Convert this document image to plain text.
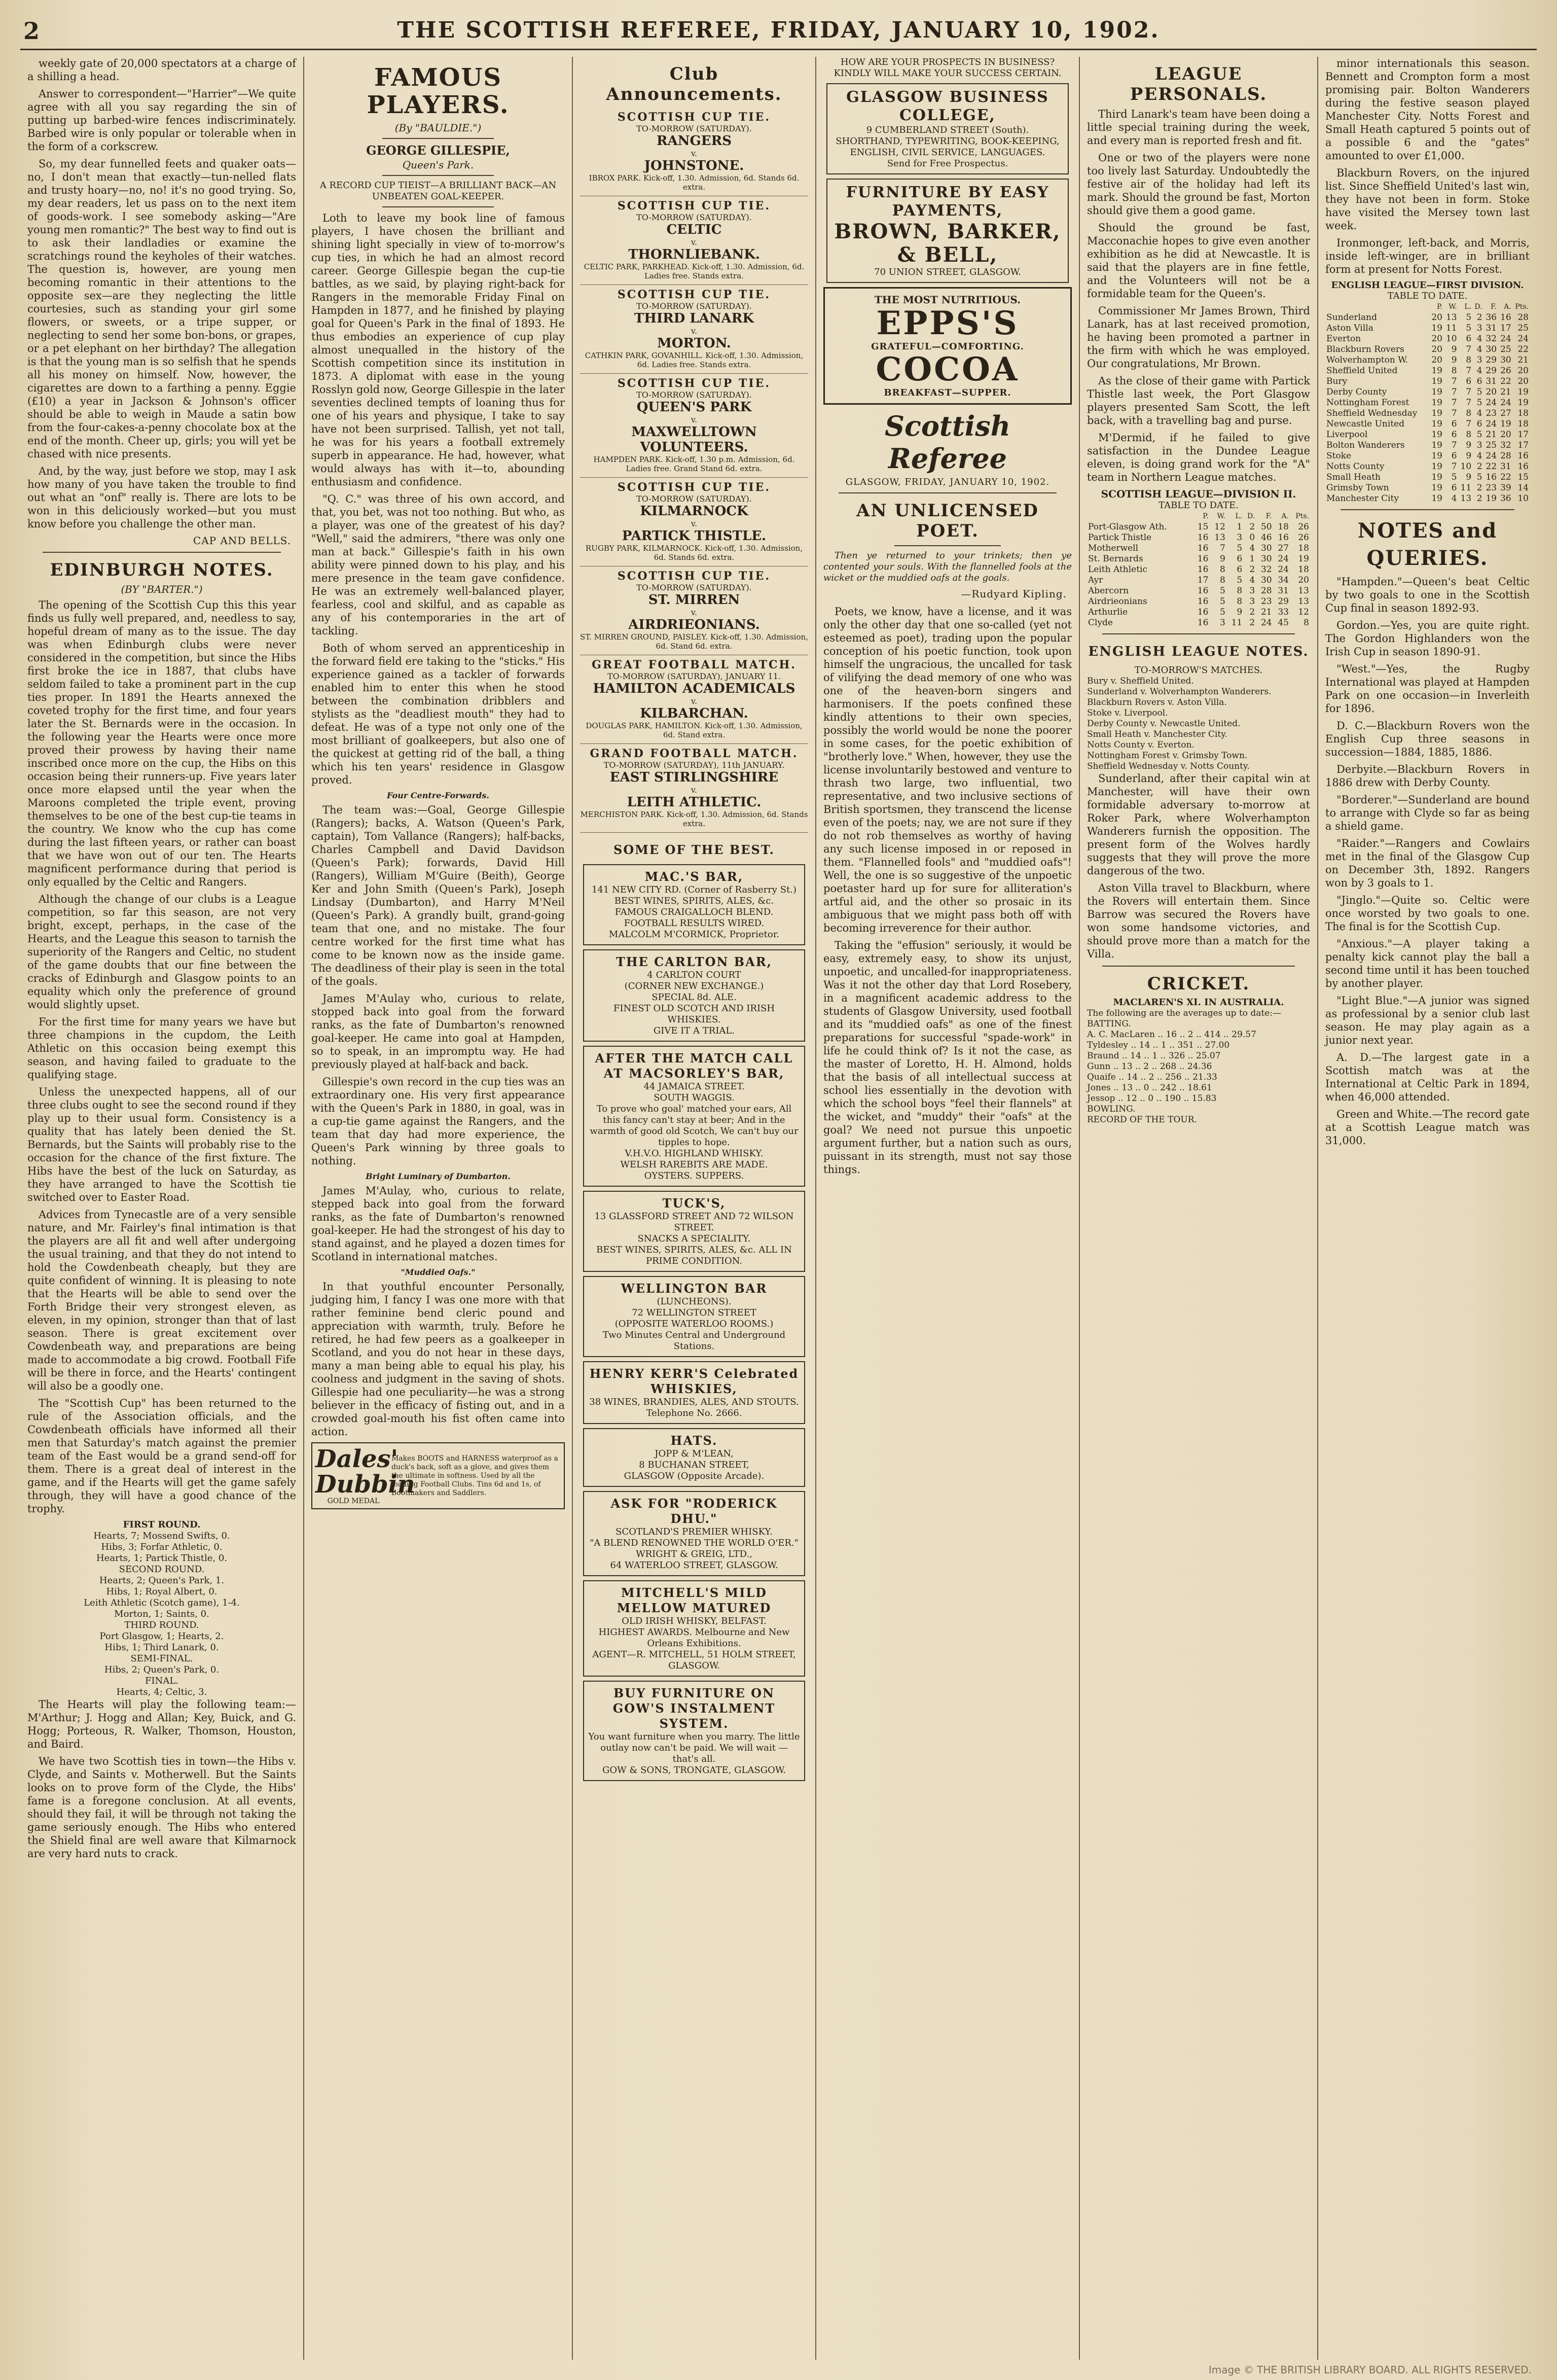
2	THE SCOTTISH REFEREE, FRIDAY, JANUARY 10, 1902.

weekly gate of 20,000 spectators at a charge of a shilling a head.

Answer to correspondent—"Harrier"—We quite agree with all you say regarding the sin of putting up barbed-wire fences indiscriminately. Barbed wire is only popular or tolerable when in the form of a corkscrew.

So, my dear funnelled feets and quaker oats—no, I don't mean that exactly—tun-nelled flats and trusty hoary—no, no! it's no good trying. So, my dear readers, let us pass on to the next item of goods-work. I see somebody asking—"Are young men romantic?" The best way to find out is to ask their landladies or examine the scratchings round the keyholes of their watches. The question is, however, are young men becoming romantic in their attentions to the opposite sex—are they neglecting the little courtesies, such as standing your girl some flowers, or sweets, or a tripe supper, or neglecting to send her some bon-bons, or grapes, or a pet elephant on her birthday? The allegation is that the young man is so selfish that he spends all his money on himself. Now, however, the cigarettes are down to a farthing a penny. Eggie (£10) a year in Jackson & Johnson's officer should be able to weigh in Maude a satin bow from the four-cakes-a-penny chocolate box at the end of the month. Cheer up, girls; you will yet be chased with nice presents.

And, by the way, just before we stop, may I ask how many of you have taken the trouble to find out what an "onf" really is. There are lots to be won in this deliciously worked—but you must know before you challenge the other man.

CAP AND BELLS.
EDINBURGH NOTES.
(BY "BARTER.")

The opening of the Scottish Cup this this year finds us fully well prepared, and, needless to say, hopeful dream of many as to the issue. The day was when Edinburgh clubs were never considered in the competition, but since the Hibs first broke the ice in 1887, that clubs have seldom failed to take a prominent part in the cup ties proper. In 1891 the Hearts annexed the coveted trophy for the first time, and four years later the St. Bernards were in the occasion. In the following year the Hearts were once more proved their prowess by having their name inscribed once more on the cup, the Hibs on this occasion being their runners-up. Five years later once more elapsed until the year when the Maroons completed the triple event, proving themselves to be one of the best cup-tie teams in the country. We know who the cup has come during the last fifteen years, or rather can boast that we have won out of our ten. The Hearts magnificent performance during that period is only equalled by the Celtic and Rangers.

Although the change of our clubs is a League competition, so far this season, are not very bright, except, perhaps, in the case of the Hearts, and the League this season to tarnish the superiority of the Rangers and Celtic, no student of the game doubts that our fine between the cracks of Edinburgh and Glasgow points to an equality which only the preference of ground would slightly upset.

For the first time for many years we have but three champions in the cupdom, the Leith Athletic on this occasion being exempt this season, and having failed to graduate to the qualifying stage.

Unless the unexpected happens, all of our three clubs ought to see the second round if they play up to their usual form. Consistency is a quality that has lately been denied the St. Bernards, but the Saints will probably rise to the occasion for the chance of the first fixture. The Hibs have the best of the luck on Saturday, as they have arranged to have the Scottish tie switched over to Easter Road.

Advices from Tynecastle are of a very sensible nature, and Mr. Fairley's final intimation is that the players are all fit and well after undergoing the usual training, and that they do not intend to hold the Cowdenbeath cheaply, but they are quite confident of winning. It is pleasing to note that the Hearts will be able to send over the Forth Bridge their very strongest eleven, as eleven, in my opinion, stronger than that of last season. There is great excitement over Cowdenbeath way, and preparations are being made to accommodate a big crowd. Football Fife will be there in force, and the Hearts' contingent will also be a goodly one.

The "Scottish Cup" has been returned to the rule of the Association officials, and the Cowdenbeath officials have informed all their men that Saturday's match against the premier team of the East would be a grand send-off for them. There is a great deal of interest in the game, and if the Hearts will get the game safely through, they will have a good chance of the trophy.

FIRST ROUND.

Hearts, 7; Mossend Swifts, 0.

Hibs, 3; Forfar Athletic, 0.

Hearts, 1; Partick Thistle, 0.

SECOND ROUND.

Hearts, 2; Queen's Park, 1.

Hibs, 1; Royal Albert, 0.

Leith Athletic (Scotch game), 1-4.

Morton, 1; Saints, 0.

THIRD ROUND.

Port Glasgow, 1; Hearts, 2.

Hibs, 1; Third Lanark, 0.

SEMI-FINAL.

Hibs, 2; Queen's Park, 0.

FINAL.

Hearts, 4; Celtic, 3.

The Hearts will play the following team:—M'Arthur; J. Hogg and Allan; Key, Buick, and G. Hogg; Porteous, R. Walker, Thomson, Houston, and Baird.

We have two Scottish ties in town—the Hibs v. Clyde, and Saints v. Motherwell. But the Saints looks on to prove form of the Clyde, the Hibs' fame is a foregone conclusion. At all events, should they fail, it will be through not taking the game seriously enough. The Hibs who entered the Shield final are well aware that Kilmarnock are very hard nuts to crack.

FAMOUS PLAYERS.
(By "BAULDIE.")
GEORGE GILLESPIE,
Queen's Park.
A RECORD CUP TIEIST—A BRILLIANT BACK—AN UNBEATEN GOAL-KEEPER.

Loth to leave my book line of famous players, I have chosen the brilliant and shining light specially in view of to-morrow's cup ties, in which he had an almost record career. George Gillespie began the cup-tie battles, as we said, by playing right-back for Rangers in the memorable Friday Final on Hampden in 1877, and he finished by playing goal for Queen's Park in the final of 1893. He thus embodies an experience of cup play almost unequalled in the history of the Scottish competition since its institution in 1873. A diplomat with ease in the young Rosslyn gold now, George Gillespie in the later seventies declined tempts of loaning thus for one of his years and physique, I take to say have not been surprised. Tallish, yet not tall, he was for his years a football extremely superb in appearance. He had, however, what would always has with it—to, abounding enthusiasm and confidence.

"Q. C." was three of his own accord, and that, you bet, was not too nothing. But who, as a player, was one of the greatest of his day? "Well," said the admirers, "there was only one man at back." Gillespie's faith in his own ability were pinned down to his play, and his mere presence in the team gave confidence. He was an extremely well-balanced player, fearless, cool and skilful, and as capable as any of his contemporaries in the art of tackling.

Both of whom served an apprenticeship in the forward field ere taking to the "sticks." His experience gained as a tackler of forwards enabled him to enter this when he stood between the combination dribblers and stylists as the "deadliest mouth" they had to defeat. He was of a type not only one of the most brilliant of goalkeepers, but also one of the quickest at getting rid of the ball, a thing which his ten years' residence in Glasgow proved.

Four Centre-Forwards.

The team was:—Goal, George Gillespie (Rangers); backs, A. Watson (Queen's Park, captain), Tom Vallance (Rangers); half-backs, Charles Campbell and David Davidson (Queen's Park); forwards, David Hill (Rangers), William M'Guire (Beith), George Ker and John Smith (Queen's Park), Joseph Lindsay (Dumbarton), and Harry M'Neil (Queen's Park). A grandly built, grand-going team that one, and no mistake. The four centre worked for the first time what has come to be known now as the inside game. The deadliness of their play is seen in the total of the goals.

James M'Aulay who, curious to relate, stopped back into goal from the forward ranks, as the fate of Dumbarton's renowned goal-keeper. He came into goal at Hampden, so to speak, in an impromptu way. He had previously played at half-back and back.

Gillespie's own record in the cup ties was an extraordinary one. His very first appearance with the Queen's Park in 1880, in goal, was in a cup-tie game against the Rangers, and the team that day had more experience, the Queen's Park winning by three goals to nothing.

Bright Luminary of Dumbarton.

James M'Aulay, who, curious to relate, stepped back into goal from the forward ranks, as the fate of Dumbarton's renowned goal-keeper. He had the strongest of his day to stand against, and he played a dozen times for Scotland in international matches.

"Muddied Oafs."

In that youthful encounter Personally, judging him, I fancy I was one more with that rather feminine bend cleric pound and appreciation with warmth, truly. Before he retired, he had few peers as a goalkeeper in Scotland, and you do not hear in these days, many a man being able to equal his play, his coolness and judgment in the saving of shots. Gillespie had one peculiarity—he was a strong believer in the efficacy of fisting out, and in a crowded goal-mouth his fist often came into action.

Dales' Dubbin
GOLD MEDAL
Makes BOOTS and HARNESS waterproof as a duck's back, soft as a glove, and gives them the ultimate in softness. Used by all the leading Football Clubs. Tins 6d and 1s, of Bootmakers and Saddlers.
Club Announcements.
SCOTTISH CUP TIE.
TO-MORROW (SATURDAY).
RANGERS
v.
JOHNSTONE.
IBROX PARK. Kick-off, 1.30. Admission, 6d. Stands 6d. extra.
SCOTTISH CUP TIE.
TO-MORROW (SATURDAY).
CELTIC
v.
THORNLIEBANK.
CELTIC PARK, PARKHEAD. Kick-off, 1.30. Admission, 6d. Ladies free. Stands extra.
SCOTTISH CUP TIE.
TO-MORROW (SATURDAY).
THIRD LANARK
v.
MORTON.
CATHKIN PARK, GOVANHILL. Kick-off, 1.30. Admission, 6d. Ladies free. Stands extra.
SCOTTISH CUP TIE.
TO-MORROW (SATURDAY).
QUEEN'S PARK
v.
MAXWELLTOWN VOLUNTEERS.
HAMPDEN PARK. Kick-off, 1.30 p.m. Admission, 6d. Ladies free. Grand Stand 6d. extra.
SCOTTISH CUP TIE.
TO-MORROW (SATURDAY).
KILMARNOCK
v.
PARTICK THISTLE.
RUGBY PARK, KILMARNOCK. Kick-off, 1.30. Admission, 6d. Stands 6d. extra.
SCOTTISH CUP TIE.
TO-MORROW (SATURDAY).
ST. MIRREN
v.
AIRDRIEONIANS.
ST. MIRREN GROUND, PAISLEY. Kick-off, 1.30. Admission, 6d. Stand 6d. extra.
GREAT FOOTBALL MATCH.
TO-MORROW (SATURDAY), JANUARY 11.
HAMILTON ACADEMICALS
v.
KILBARCHAN.
DOUGLAS PARK, HAMILTON. Kick-off, 1.30. Admission, 6d. Stand extra.
GRAND FOOTBALL MATCH.
TO-MORROW (SATURDAY), 11th JANUARY.
EAST STIRLINGSHIRE
v.
LEITH ATHLETIC.
MERCHISTON PARK. Kick-off, 1.30. Admission, 6d. Stands extra.
SOME OF THE BEST.
MAC.'S BAR,
141 NEW CITY RD. (Corner of Rasberry St.)
BEST WINES, SPIRITS, ALES, &c.
FAMOUS CRAIGALLOCH BLEND.
FOOTBALL RESULTS WIRED.
MALCOLM M'CORMICK, Proprietor.
THE CARLTON BAR,
4 CARLTON COURT
(CORNER NEW EXCHANGE.)
SPECIAL 8d. ALE.
FINEST OLD SCOTCH AND IRISH WHISKIES.
GIVE IT A TRIAL.
AFTER THE MATCH CALL AT MACSORLEY'S BAR,
44 JAMAICA STREET.
SOUTH WAGGIS.
To prove who goal' matched your ears, All this fancy can't stay at beer; And in the warmth of good old Scotch, We can't buy our tipples to hope.
V.H.V.O. HIGHLAND WHISKY.
WELSH RAREBITS ARE MADE.
OYSTERS. SUPPERS.
TUCK'S,
13 GLASSFORD STREET AND 72 WILSON STREET.
SNACKS A SPECIALITY.
BEST WINES, SPIRITS, ALES, &c. ALL IN PRIME CONDITION.
WELLINGTON BAR
(LUNCHEONS).
72 WELLINGTON STREET
(OPPOSITE WATERLOO ROOMS.)
Two Minutes Central and Underground Stations.
HENRY KERR'S Celebrated WHISKIES,
38 WINES, BRANDIES, ALES, AND STOUTS.
Telephone No. 2666.
HATS.
JOPP & M'LEAN,
8 BUCHANAN STREET,
GLASGOW (Opposite Arcade).
ASK FOR "RODERICK DHU."
SCOTLAND'S PREMIER WHISKY.
"A BLEND RENOWNED THE WORLD O'ER."
WRIGHT & GREIG, LTD.,
64 WATERLOO STREET, GLASGOW.
MITCHELL'S MILD MELLOW MATURED
OLD IRISH WHISKY, BELFAST.
HIGHEST AWARDS. Melbourne and New Orleans Exhibitions.
AGENT—R. MITCHELL, 51 HOLM STREET, GLASGOW.
BUY FURNITURE ON GOW'S INSTALMENT SYSTEM.
You want furniture when you marry. The little outlay now can't be paid. We will wait — that's all.
GOW & SONS, TRONGATE, GLASGOW.
HOW ARE YOUR PROSPECTS IN BUSINESS?
KINDLY WILL MAKE YOUR SUCCESS CERTAIN.
GLASGOW BUSINESS COLLEGE,
9 CUMBERLAND STREET (South).
SHORTHAND, TYPEWRITING, BOOK-KEEPING, ENGLISH, CIVIL SERVICE, LANGUAGES.
Send for Free Prospectus.
FURNITURE BY EASY PAYMENTS,
BROWN, BARKER, & BELL,
70 UNION STREET, GLASGOW.
THE MOST NUTRITIOUS.
EPPS'S
GRATEFUL—COMFORTING.
COCOA
BREAKFAST—SUPPER.
Scottish Referee
GLASGOW, FRIDAY, JANUARY 10, 1902.
AN UNLICENSED POET.

Then ye returned to your trinkets; then ye contented your souls. With the flannelled fools at the wicket or the muddied oafs at the goals.

—Rudyard Kipling.

Poets, we know, have a license, and it was only the other day that one so-called (yet not esteemed as poet), trading upon the popular conception of his poetic function, took upon himself the ungracious, the uncalled for task of vilifying the dead memory of one who was one of the heaven-born singers and harmonisers. If the poets confined these kindly attentions to their own species, possibly the world would be none the poorer in some cases, for the poetic exhibition of "brotherly love." When, however, they use the license involuntarily bestowed and venture to thrash two large, two influential, two representative, and two inclusive sections of British sportsmen, they transcend the license even of the poets; nay, we are not sure if they do not rob themselves as worthy of having any such license imposed in or reposed in them. "Flannelled fools" and "muddied oafs"! Well, the one is so suggestive of the unpoetic poetaster hard up for sure for alliteration's artful aid, and the other so prosaic in its ambiguous that we might pass both off with becoming irreverence for their author.

Taking the "effusion" seriously, it would be easy, extremely easy, to show its unjust, unpoetic, and uncalled-for inappropriateness. Was it not the other day that Lord Rosebery, in a magnificent academic address to the students of Glasgow University, used football and its "muddied oafs" as one of the finest preparations for successful "spade-work" in life he could think of? Is it not the case, as the master of Loretto, H. H. Almond, holds that the basis of all intellectual success at school lies essentially in the devotion with which the school boys "feel their flannels" at the wicket, and "muddy" their "oafs" at the goal? We need not pursue this unpoetic argument further, but a nation such as ours, puissant in its strength, must not say those things.

LEAGUE PERSONALS.

Third Lanark's team have been doing a little special training during the week, and every man is reported fresh and fit.

One or two of the players were none too lively last Saturday. Undoubtedly the festive air of the holiday had left its mark. Should the ground be fast, Morton should give them a good game.

Should the ground be fast, Macconachie hopes to give even another exhibition as he did at Newcastle. It is said that the players are in fine fettle, and the Volunteers will not be a formidable team for the Queen's.

Commissioner Mr James Brown, Third Lanark, has at last received promotion, he having been promoted a partner in the firm with which he was employed. Our congratulations, Mr Brown.

As the close of their game with Partick Thistle last week, the Port Glasgow players presented Sam Scott, the left back, with a travelling bag and purse.

M'Dermid, if he failed to give satisfaction in the Dundee League eleven, is doing grand work for the "A" team in Northern League matches.

SCOTTISH LEAGUE—DIVISION II.
TABLE TO DATE.
	P.	W.	L.	D.	F.	A.	Pts.
Port-Glasgow Ath.	15	12	1	2	50	18	26
Partick Thistle	16	13	3	0	46	16	26
Motherwell	16	7	5	4	30	27	18
St. Bernards	16	9	6	1	30	24	19
Leith Athletic	16	8	6	2	32	24	18
Ayr	17	8	5	4	30	34	20
Abercorn	16	5	8	3	28	31	13
Airdrieonians	16	5	8	3	23	29	13
Arthurlie	16	5	9	2	21	33	12
Clyde	16	3	11	2	24	45	8
ENGLISH LEAGUE NOTES.
TO-MORROW'S MATCHES.

Bury v. Sheffield United.

Sunderland v. Wolverhampton Wanderers.

Blackburn Rovers v. Aston Villa.

Stoke v. Liverpool.

Derby County v. Newcastle United.

Small Heath v. Manchester City.

Notts County v. Everton.

Nottingham Forest v. Grimsby Town.

Sheffield Wednesday v. Notts County.

Sunderland, after their capital win at Manchester, will have their own formidable adversary to-morrow at Roker Park, where Wolverhampton Wanderers furnish the opposition. The present form of the Wolves hardly suggests that they will prove the more dangerous of the two.

Aston Villa travel to Blackburn, where the Rovers will entertain them. Since Barrow was secured the Rovers have won some handsome victories, and should prove more than a match for the Villa.

CRICKET.
MACLAREN'S XI. IN AUSTRALIA.

The following are the averages up to date:—

BATTING.

A. C. MacLaren .. 16 .. 2 .. 414 .. 29.57

Tyldesley .. 14 .. 1 .. 351 .. 27.00

Braund .. 14 .. 1 .. 326 .. 25.07

Gunn .. 13 .. 2 .. 268 .. 24.36

Quaife .. 14 .. 2 .. 256 .. 21.33

Jones .. 13 .. 0 .. 242 .. 18.61

Jessop .. 12 .. 0 .. 190 .. 15.83

BOWLING.

RECORD OF THE TOUR.

minor internationals this season. Bennett and Crompton form a most promising pair. Bolton Wanderers during the festive season played Manchester City. Notts Forest and Small Heath captured 5 points out of a possible 6 and the "gates" amounted to over £1,000.

Blackburn Rovers, on the injured list. Since Sheffield United's last win, they have not been in form. Stoke have visited the Mersey town last week.

Ironmonger, left-back, and Morris, inside left-winger, are in brilliant form at present for Notts Forest.

ENGLISH LEAGUE—FIRST DIVISION.
TABLE TO DATE.
	P.	W.	L.	D.	F.	A.	Pts.
Sunderland	20	13	5	2	36	16	28
Aston Villa	19	11	5	3	31	17	25
Everton	20	10	6	4	32	24	24
Blackburn Rovers	20	9	7	4	30	25	22
Wolverhampton W.	20	9	8	3	29	30	21
Sheffield United	19	8	7	4	29	26	20
Bury	19	7	6	6	31	22	20
Derby County	19	7	7	5	20	21	19
Nottingham Forest	19	7	7	5	24	24	19
Sheffield Wednesday	19	7	8	4	23	27	18
Newcastle United	19	6	7	6	24	19	18
Liverpool	19	6	8	5	21	20	17
Bolton Wanderers	19	7	9	3	25	32	17
Stoke	19	6	9	4	24	28	16
Notts County	19	7	10	2	22	31	16
Small Heath	19	5	9	5	16	22	15
Grimsby Town	19	6	11	2	23	39	14
Manchester City	19	4	13	2	19	36	10
NOTES and QUERIES.

"Hampden."—Queen's beat Celtic by two goals to one in the Scottish Cup final in season 1892-93.

Gordon.—Yes, you are quite right. The Gordon Highlanders won the Irish Cup in season 1890-91.

"West."—Yes, the Rugby International was played at Hampden Park on one occasion—in Inverleith for 1896.

D. C.—Blackburn Rovers won the English Cup three seasons in succession—1884, 1885, 1886.

Derbyite.—Blackburn Rovers in 1886 drew with Derby County.

"Borderer."—Sunderland are bound to arrange with Clyde so far as being a shield game.

"Raider."—Rangers and Cowlairs met in the final of the Glasgow Cup on December 3th, 1892. Rangers won by 3 goals to 1.

"Jinglo."—Quite so. Celtic were once worsted by two goals to one. The final is for the Scottish Cup.

"Anxious."—A player taking a penalty kick cannot play the ball a second time until it has been touched by another player.

"Light Blue."—A junior was signed as professional by a senior club last season. He may play again as a junior next year.

A. D.—The largest gate in a Scottish match was at the International at Celtic Park in 1894, when 46,000 attended.

Green and White.—The record gate at a Scottish League match was 31,000.

Image © THE BRITISH LIBRARY BOARD. ALL RIGHTS RESERVED.
